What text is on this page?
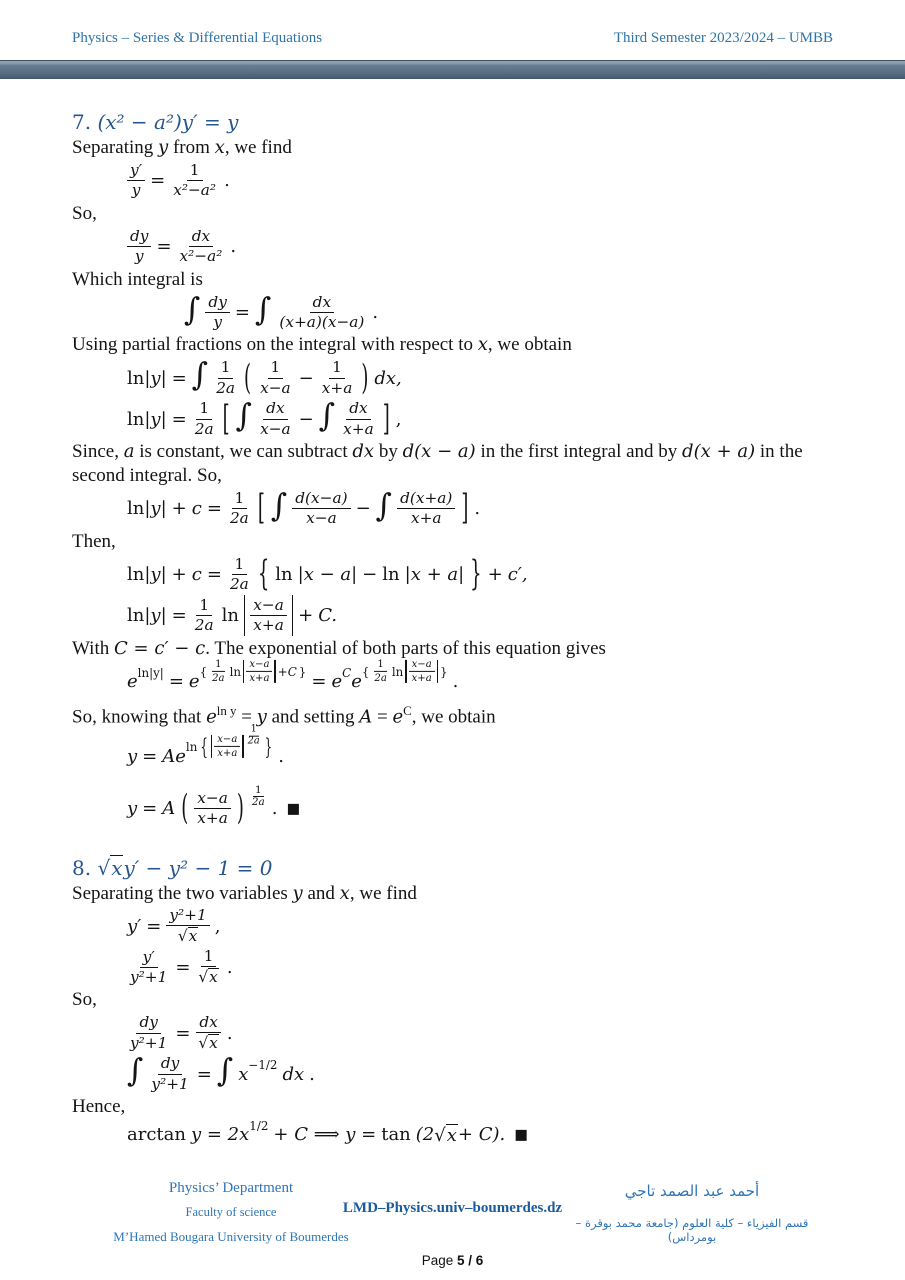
Physics – Series & Differential Equations	Third Semester 2023/2024 – UMBB
7. (x² − a²)y′ = y

Separating y from x, we find

$\frac{y'}{y} = \frac{1}{\text{x²−a²}}$ .

So,

$\frac{dy}{y} = \frac{dx}{\text{x²−a²}}$ .

Which integral is

∫ $\frac{dy}{y}$ = ∫	dx
(x+a)(x−a) .

Using partial fractions on the integral with respect to x, we obtain

ln |y| = ∫ 1
2a ( 1
$x-a - \frac{1}{x+a}$ ) dx,
$\ln |y| = \frac{1}{2a}$ [ ∫ dx
x−a − ∫ dx
x+a ] ,

Since, a is constant, we can subtract dx by d(x − a) in the first integral and by d(x + a) in the second integral. So,

$\ln |y| + c = \frac{1}{2a}$ [ ∫ d(x−a)
x−a − ∫ d(x+a)
x+a ] .

Then,

$\ln |y| + c = \frac{1}{2a}$ { ln |x − a| − ln |x + a| } + c′,
$\ln |y| = \frac{1}{2a}$ ln
x−a
x+a + C.

With C = c′ − c. The exponential of both parts of this equation gives

e ln|y| = e {
1
2a ln
x−a
x+a +C } = e C e {
1
2a ln
x−a
x+a } .

So, knowing that $e^{ln y} = y$ and setting $A = e^C$, we obtain

y = Ae ln { x−a
x+a
1
2a } .
y = A ( x−a
x+a ) 1
2a . ■
8. √ x y′ − y² − 1 = 0

Separating the two variables y and x, we find

$y' = \frac{\text{y²+1}}{√ x}$ ,
$\frac{y'}{\text{y²+1}} = \frac{1}{√ x}$ .

So,

$\frac{dy}{\text{y²+1}} = \frac{dx}{√ x}$ .
∫ $\frac{dy}{\text{y²+1}}$ = ∫ x −1/2 dx .

Hence,

arctan y = 2x 1/2 + C ⟹ y = tan (2 √ x + C). ■
Physics’ Department
Faculty of science
M’Hamed Bougara University of Boumerdes
LMD–Physics.univ–boumerdes.dz
أحمد عبد الصمد تاجي
قسم الفيزياء – كلية العلوم (جامعة محمد بوقرة – بومرداس)
Page 5 / 6
